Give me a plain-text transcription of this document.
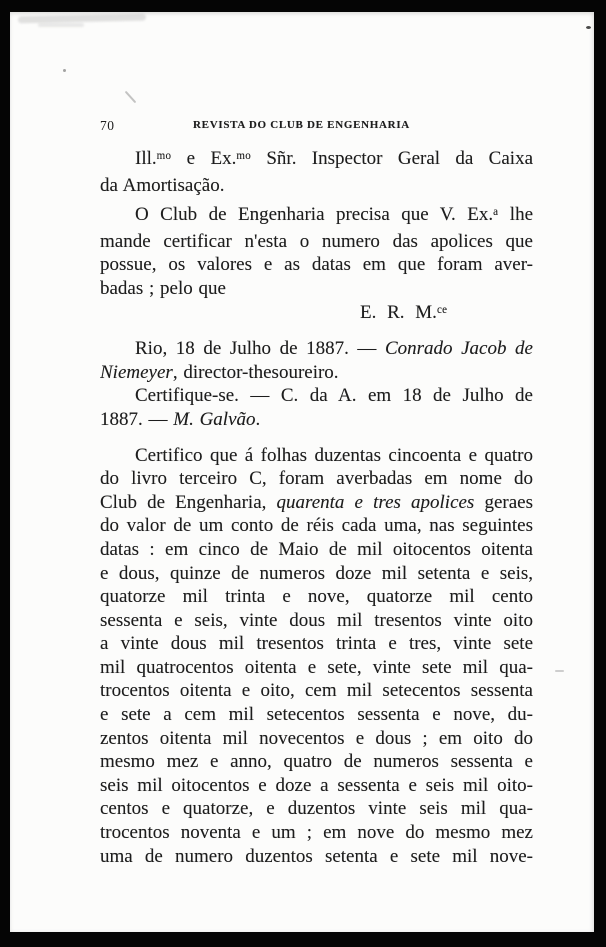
70	REVISTA DO CLUB DE ENGENHARIA
Ill.$^{mo}$ e Ex.$^{mo}$ Sñr. Inspector Geral da Caixa
da Amortisação.
O Club de Engenharia precisa que V. Ex.$^a$ lhe
mande certificar n'esta o numero das apolices que
possue, os valores e as datas em que foram aver-
badas ; pelo que
E. R. M.$^{ce}$
Rio, 18 de Julho de 1887. — Conrado Jacob de
Niemeyer, director-thesoureiro.
Certifique-se. — C. da A. em 18 de Julho de
1887. — M. Galvão.
Certifico que á folhas duzentas cincoenta e quatro
do livro terceiro C, foram averbadas em nome do
Club de Engenharia, quarenta e tres apolices geraes
do valor de um conto de réis cada uma, nas seguintes
datas : em cinco de Maio de mil oitocentos oitenta
e dous, quinze de numeros doze mil setenta e seis,
quatorze mil trinta e nove, quatorze mil cento
sessenta e seis, vinte dous mil tresentos vinte oito
a vinte dous mil tresentos trinta e tres, vinte sete
mil quatrocentos oitenta e sete, vinte sete mil qua-
trocentos oitenta e oito, cem mil setecentos sessenta
e sete a cem mil setecentos sessenta e nove, du-
zentos oitenta mil novecentos e dous ; em oito do
mesmo mez e anno, quatro de numeros sessenta e
seis mil oitocentos e doze a sessenta e seis mil oito-
centos e quatorze, e duzentos vinte seis mil qua-
trocentos noventa e um ; em nove do mesmo mez
uma de numero duzentos setenta e sete mil nove-
